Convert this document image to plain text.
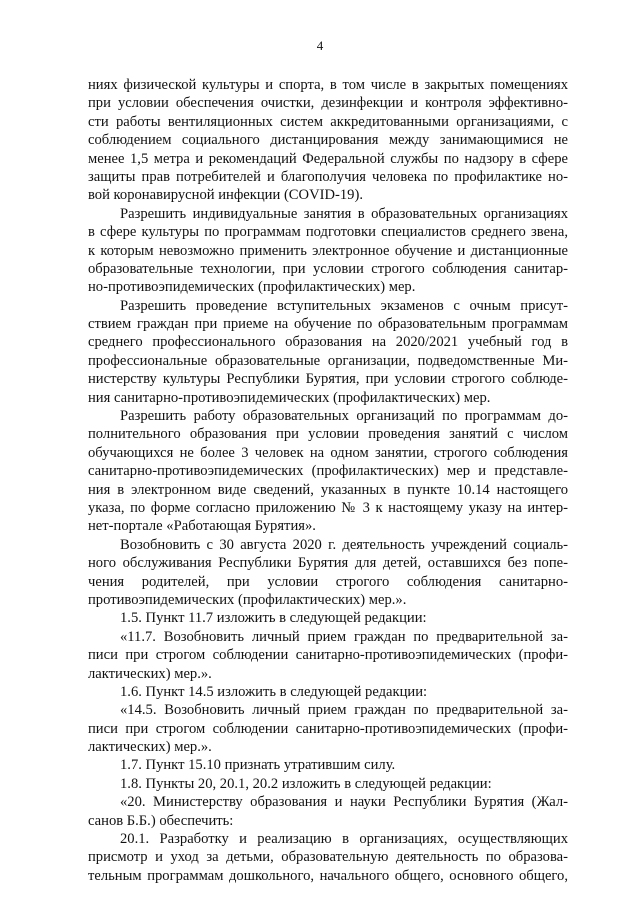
4
ниях физической культуры и спорта, в том числе в закрытых помещениях
при условии обеспечения очистки, дезинфекции и контроля эффективно-
сти работы вентиляционных систем аккредитованными организациями, с
соблюдением социального дистанцирования между занимающимися не
менее 1,5 метра и рекомендаций Федеральной службы по надзору в сфере
защиты прав потребителей и благополучия человека по профилактике но-
вой коронавирусной инфекции (COVID-19).
Разрешить индивидуальные занятия в образовательных организациях
в сфере культуры по программам подготовки специалистов среднего звена,
к которым невозможно применить электронное обучение и дистанционные
образовательные технологии, при условии строгого соблюдения санитар-
но-противоэпидемических (профилактических) мер.
Разрешить проведение вступительных экзаменов с очным присут-
ствием граждан при приеме на обучение по образовательным программам
среднего профессионального образования на 2020/2021 учебный год в
профессиональные образовательные организации, подведомственные Ми-
нистерству культуры Республики Бурятия, при условии строгого соблюде-
ния санитарно-противоэпидемических (профилактических) мер.
Разрешить работу образовательных организаций по программам до-
полнительного образования при условии проведения занятий с числом
обучающихся не более 3 человек на одном занятии, строгого соблюдения
санитарно-противоэпидемических (профилактических) мер и представле-
ния в электронном виде сведений, указанных в пункте 10.14 настоящего
указа, по форме согласно приложению № 3 к настоящему указу на интер-
нет-портале «Работающая Бурятия».
Возобновить с 30 августа 2020 г. деятельность учреждений социаль-
ного обслуживания Республики Бурятия для детей, оставшихся без попе-
чения родителей, при условии строгого соблюдения санитарно-
противоэпидемических (профилактических) мер.».
1.5. Пункт 11.7 изложить в следующей редакции:
«11.7. Возобновить личный прием граждан по предварительной за-
писи при строгом соблюдении санитарно-противоэпидемических (профи-
лактических) мер.».
1.6. Пункт 14.5 изложить в следующей редакции:
«14.5. Возобновить личный прием граждан по предварительной за-
писи при строгом соблюдении санитарно-противоэпидемических (профи-
лактических) мер.».
1.7. Пункт 15.10 признать утратившим силу.
1.8. Пункты 20, 20.1, 20.2 изложить в следующей редакции:
«20. Министерству образования и науки Республики Бурятия (Жал-
санов Б.Б.) обеспечить:
20.1. Разработку и реализацию в организациях, осуществляющих
присмотр и уход за детьми, образовательную деятельность по образова-
тельным программам дошкольного, начального общего, основного общего,
